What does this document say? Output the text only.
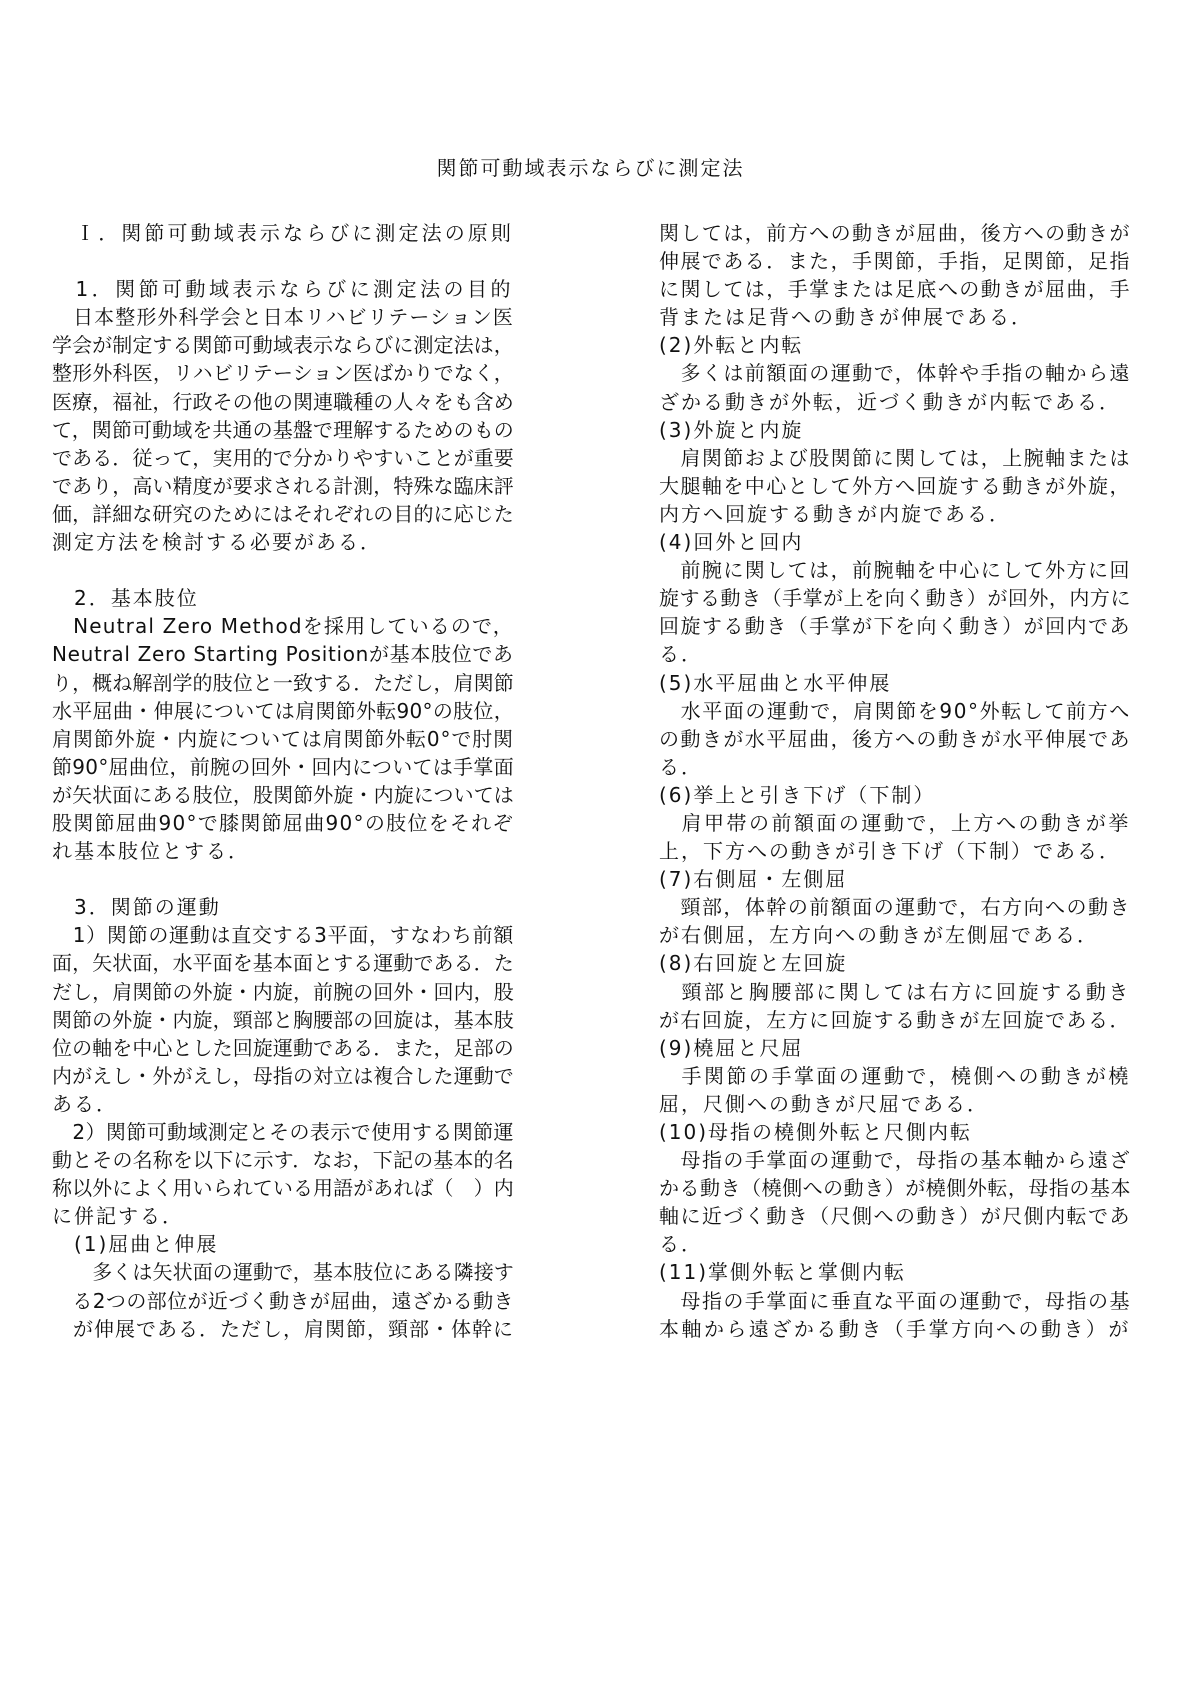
関節可動域表示ならびに測定法
　Ｉ．関節可動域表示ならびに測定法の原則
　1．関節可動域表示ならびに測定法の目的
　日本整形外科学会と日本リハビリテーション医
学会が制定する関節可動域表示ならびに測定法は，
整形外科医，リハビリテーション医ばかりでなく，
医療，福祉，行政その他の関連職種の人々をも含め
て，関節可動域を共通の基盤で理解するためのもの
である．従って，実用的で分かりやすいことが重要
であり，高い精度が要求される計測，特殊な臨床評
価，詳細な研究のためにはそれぞれの目的に応じた
測定方法を検討する必要がある．
　2．基本肢位
　Neutral Zero Methodを採用しているので，
Neutral Zero Starting Positionが基本肢位であ
り，概ね解剖学的肢位と一致する．ただし，肩関節
水平屈曲・伸展については肩関節外転90°の肢位，
肩関節外旋・内旋については肩関節外転0°で肘関
節90°屈曲位，前腕の回外・回内については手掌面
が矢状面にある肢位，股関節外旋・内旋については
股関節屈曲90°で膝関節屈曲90°の肢位をそれぞ
れ基本肢位とする．
　3．関節の運動
　1）関節の運動は直交する3平面，すなわち前額
面，矢状面，水平面を基本面とする運動である．た
だし，肩関節の外旋・内旋，前腕の回外・回内，股
関節の外旋・内旋，頸部と胸腰部の回旋は，基本肢
位の軸を中心とした回旋運動である．また，足部の
内がえし・外がえし，母指の対立は複合した運動で
ある．
　2）関節可動域測定とその表示で使用する関節運
動とその名称を以下に示す．なお，下記の基本的名
称以外によく用いられている用語があれば（　）内
に併記する．
　(1)屈曲と伸展
　　多くは矢状面の運動で，基本肢位にある隣接す
　る2つの部位が近づく動きが屈曲，遠ざかる動き
　が伸展である．ただし，肩関節，頸部・体幹に
関しては，前方への動きが屈曲，後方への動きが
伸展である．また，手関節，手指，足関節，足指
に関しては，手掌または足底への動きが屈曲，手
背または足背への動きが伸展である．
(2)外転と内転
　多くは前額面の運動で，体幹や手指の軸から遠
ざかる動きが外転，近づく動きが内転である．
(3)外旋と内旋
　肩関節および股関節に関しては，上腕軸または
大腿軸を中心として外方へ回旋する動きが外旋，
内方へ回旋する動きが内旋である．
(4)回外と回内
　前腕に関しては，前腕軸を中心にして外方に回
旋する動き（手掌が上を向く動き）が回外，内方に
回旋する動き（手掌が下を向く動き）が回内であ
る．
(5)水平屈曲と水平伸展
　水平面の運動で，肩関節を90°外転して前方へ
の動きが水平屈曲，後方への動きが水平伸展であ
る．
(6)挙上と引き下げ（下制）
　肩甲帯の前額面の運動で，上方への動きが挙
上，下方への動きが引き下げ（下制）である．
(7)右側屈・左側屈
　頸部，体幹の前額面の運動で，右方向への動き
が右側屈，左方向への動きが左側屈である．
(8)右回旋と左回旋
　頸部と胸腰部に関しては右方に回旋する動き
が右回旋，左方に回旋する動きが左回旋である．
(9)橈屈と尺屈
　手関節の手掌面の運動で，橈側への動きが橈
屈，尺側への動きが尺屈である．
(10)母指の橈側外転と尺側内転
　母指の手掌面の運動で，母指の基本軸から遠ざ
かる動き（橈側への動き）が橈側外転，母指の基本
軸に近づく動き（尺側への動き）が尺側内転であ
る．
(11)掌側外転と掌側内転
　母指の手掌面に垂直な平面の運動で，母指の基
本軸から遠ざかる動き（手掌方向への動き）が
